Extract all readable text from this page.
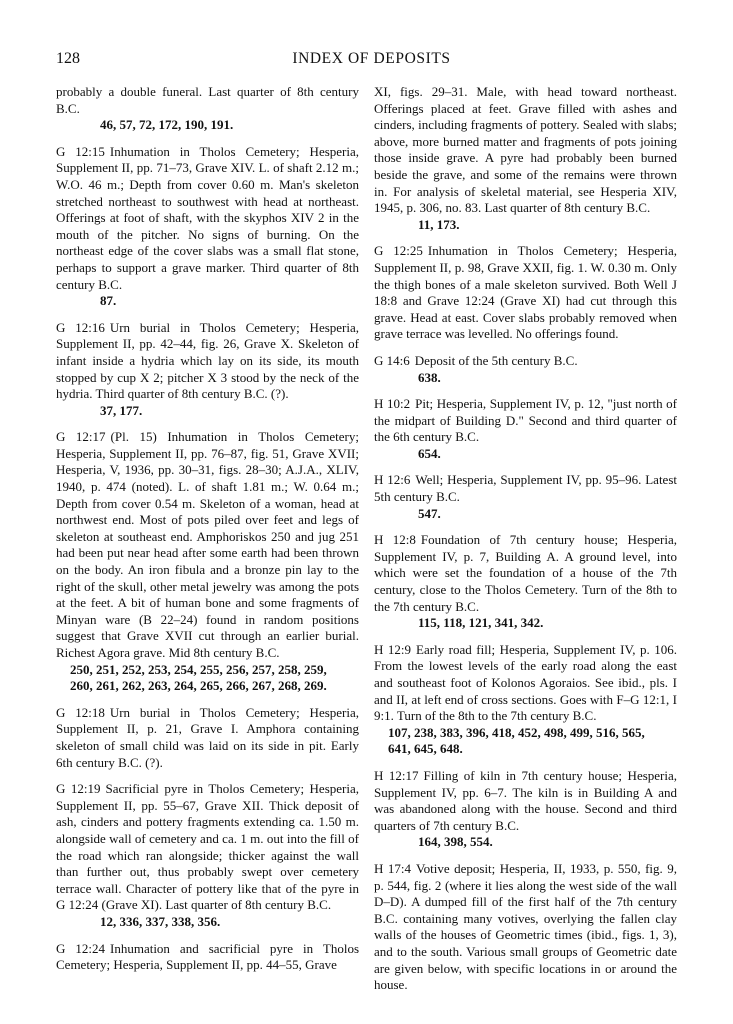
128	INDEX OF DEPOSITS

probably a double funeral. Last quarter of 8th century B.C.

46, 57, 72, 172, 190, 191.

G 12:15 Inhumation in Tholos Cemetery; Hesperia, Supplement II, pp. 71–73, Grave XIV. L. of shaft 2.12 m.; W.O. 46 m.; Depth from cover 0.60 m. Man's skeleton stretched northeast to southwest with head at northeast. Offerings at foot of shaft, with the skyphos XIV 2 in the mouth of the pitcher. No signs of burning. On the northeast edge of the cover slabs was a small flat stone, perhaps to support a grave marker. Third quarter of 8th century B.C.

87.

G 12:16 Urn burial in Tholos Cemetery; Hesperia, Supplement II, pp. 42–44, fig. 26, Grave X. Skeleton of infant inside a hydria which lay on its side, its mouth stopped by cup X 2; pitcher X 3 stood by the neck of the hydria. Third quarter of 8th century B.C. (?).

37, 177.

G 12:17 (Pl. 15) Inhumation in Tholos Cemetery; Hesperia, Supplement II, pp. 76–87, fig. 51, Grave XVII; Hesperia, V, 1936, pp. 30–31, figs. 28–30; A.J.A., XLIV, 1940, p. 474 (noted). L. of shaft 1.81 m.; W. 0.64 m.; Depth from cover 0.54 m. Skeleton of a woman, head at northwest end. Most of pots piled over feet and legs of skeleton at southeast end. Amphoriskos 250 and jug 251 had been put near head after some earth had been thrown on the body. An iron fibula and a bronze pin lay to the right of the skull, other metal jewelry was among the pots at the feet. A bit of human bone and some fragments of Minyan ware (B 22–24) found in random positions suggest that Grave XVII cut through an earlier burial. Richest Agora grave. Mid 8th century B.C.

250, 251, 252, 253, 254, 255, 256, 257, 258, 259,

260, 261, 262, 263, 264, 265, 266, 267, 268, 269.

G 12:18 Urn burial in Tholos Cemetery; Hesperia, Supplement II, p. 21, Grave I. Amphora containing skeleton of small child was laid on its side in pit. Early 6th century B.C. (?).

G 12:19 Sacrificial pyre in Tholos Cemetery; Hesperia, Supplement II, pp. 55–67, Grave XII. Thick deposit of ash, cinders and pottery fragments extending ca. 1.50 m. alongside wall of cemetery and ca. 1 m. out into the fill of the road which ran alongside; thicker against the wall than further out, thus probably swept over cemetery terrace wall. Character of pottery like that of the pyre in G 12:24 (Grave XI). Last quarter of 8th century B.C.

12, 336, 337, 338, 356.

G 12:24 Inhumation and sacrificial pyre in Tholos Cemetery; Hesperia, Supplement II, pp. 44–55, Grave

XI, figs. 29–31. Male, with head toward northeast. Offerings placed at feet. Grave filled with ashes and cinders, including fragments of pottery. Sealed with slabs; above, more burned matter and fragments of pots joining those inside grave. A pyre had probably been burned beside the grave, and some of the remains were thrown in. For analysis of skeletal material, see Hesperia XIV, 1945, p. 306, no. 83. Last quarter of 8th century B.C.

11, 173.

G 12:25 Inhumation in Tholos Cemetery; Hesperia, Supplement II, p. 98, Grave XXII, fig. 1. W. 0.30 m. Only the thigh bones of a male skeleton survived. Both Well J 18:8 and Grave 12:24 (Grave XI) had cut through this grave. Head at east. Cover slabs probably removed when grave terrace was levelled. No offerings found.

G 14:6 Deposit of the 5th century B.C.

638.

H 10:2 Pit; Hesperia, Supplement IV, p. 12, "just north of the midpart of Building D." Second and third quarter of the 6th century B.C.

654.

H 12:6 Well; Hesperia, Supplement IV, pp. 95–96. Latest 5th century B.C.

547.

H 12:8 Foundation of 7th century house; Hesperia, Supplement IV, p. 7, Building A. A ground level, into which were set the foundation of a house of the 7th century, close to the Tholos Cemetery. Turn of the 8th to the 7th century B.C.

115, 118, 121, 341, 342.

H 12:9 Early road fill; Hesperia, Supplement IV, p. 106. From the lowest levels of the early road along the east and southeast foot of Kolonos Agoraios. See ibid., pls. I and II, at left end of cross sections. Goes with F–G 12:1, I 9:1. Turn of the 8th to the 7th century B.C.

107, 238, 383, 396, 418, 452, 498, 499, 516, 565,

641, 645, 648.

H 12:17 Filling of kiln in 7th century house; Hesperia, Supplement IV, pp. 6–7. The kiln is in Building A and was abandoned along with the house. Second and third quarters of 7th century B.C.

164, 398, 554.

H 17:4 Votive deposit; Hesperia, II, 1933, p. 550, fig. 9, p. 544, fig. 2 (where it lies along the west side of the wall D–D). A dumped fill of the first half of the 7th century B.C. containing many votives, overlying the fallen clay walls of the houses of Geometric times (ibid., figs. 1, 3), and to the south. Various small groups of Geometric date are given below, with specific locations in or around the house.
